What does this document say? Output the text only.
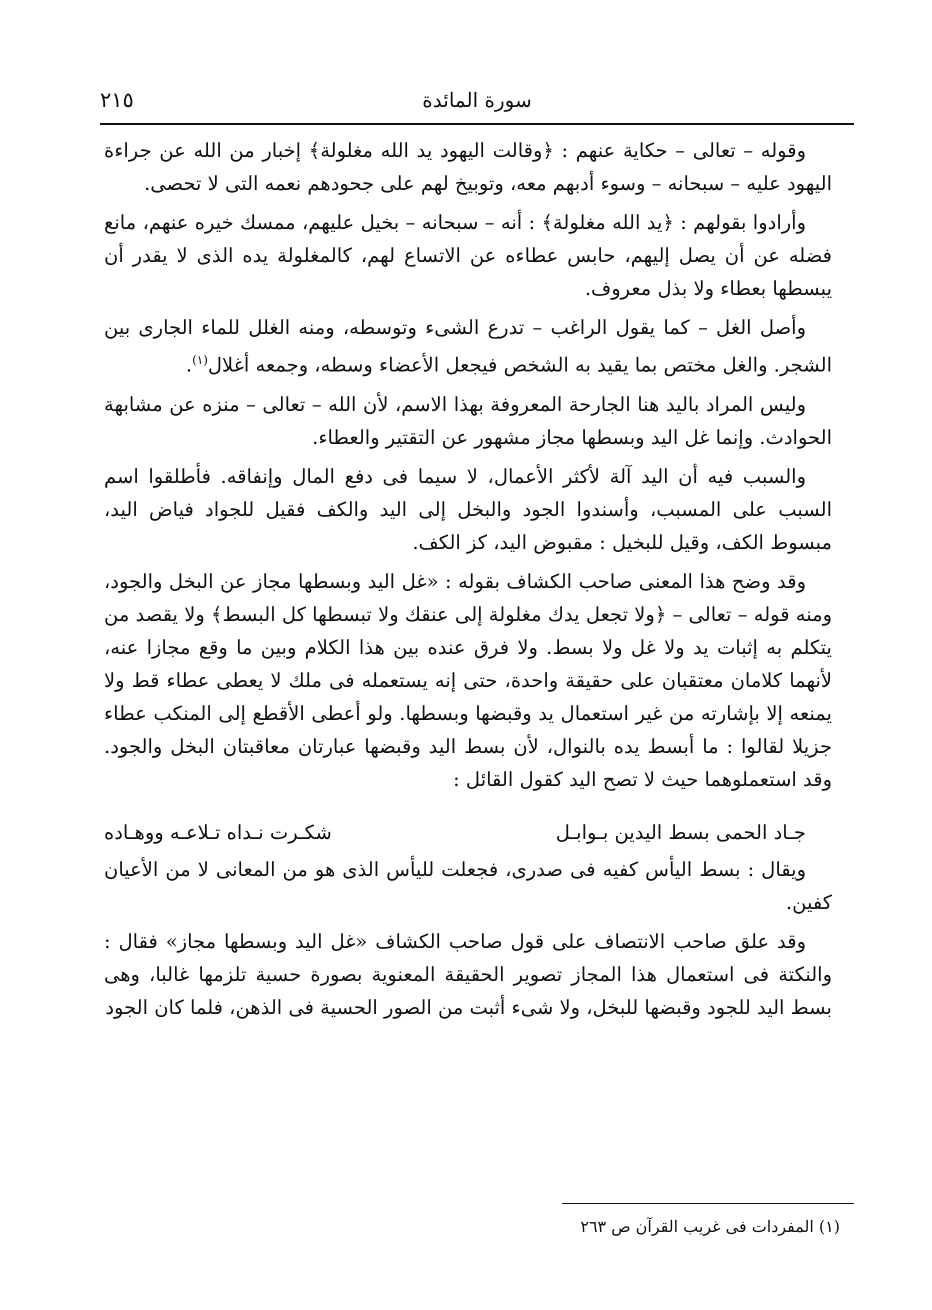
٢١٥	سورة المائدة

وقوله – تعالى – حكاية عنهم : ﴿وقالت اليهود يد الله مغلولة﴾ إخبار من الله عن جراءة اليهود عليه – سبحانه – وسوء أدبهم معه، وتوبيخ لهم على جحودهم نعمه التى لا تحصى.

وأرادوا بقولهم : ﴿يد الله مغلولة﴾ : أنه – سبحانه – بخيل عليهم، ممسك خيره عنهم، مانع فضله عن أن يصل إليهم، حابس عطاءه عن الاتساع لهم، كالمغلولة يده الذى لا يقدر أن يبسطها بعطاء ولا بذل معروف.

وأصل الغل – كما يقول الراغب – تدرع الشىء وتوسطه، ومنه الغلل للماء الجارى بين الشجر. والغل مختص بما يقيد به الشخص فيجعل الأعضاء وسطه، وجمعه أغلال$^{(١)}$.

وليس المراد باليد هنا الجارحة المعروفة بهذا الاسم، لأن الله – تعالى – منزه عن مشابهة الحوادث. وإنما غل اليد وبسطها مجاز مشهور عن التقتير والعطاء.

والسبب فيه أن اليد آلة لأكثر الأعمال، لا سيما فى دفع المال وإنفاقه. فأطلقوا اسم السبب على المسبب، وأسندوا الجود والبخل إلى اليد والكف فقيل للجواد فياض اليد، مبسوط الكف، وقيل للبخيل : مقبوض اليد، كز الكف.

وقد وضح هذا المعنى صاحب الكشاف بقوله : «غل اليد وبسطها مجاز عن البخل والجود، ومنه قوله – تعالى – ﴿ولا تجعل يدك مغلولة إلى عنقك ولا تبسطها كل البسط﴾ ولا يقصد من يتكلم به إثبات يد ولا غل ولا بسط. ولا فرق عنده بين هذا الكلام وبين ما وقع مجازا عنه، لأنهما كلامان معتقبان على حقيقة واحدة، حتى إنه يستعمله فى ملك لا يعطى عطاء قط ولا يمنعه إلا بإشارته من غير استعمال يد وقبضها وبسطها. ولو أعطى الأقطع إلى المنكب عطاء جزيلا لقالوا : ما أبسط يده بالنوال، لأن بسط اليد وقبضها عبارتان معاقبتان البخل والجود. وقد استعملوهما حيث لا تصح اليد كقول القائل :

جـاد الحمى بسط اليدين بـوابـل
شكـرت نـداه تـلاعـه ووهـاده

ويقال : بسط اليأس كفيه فى صدرى، فجعلت لليأس الذى هو من المعانى لا من الأعيان كفين.

وقد علق صاحب الانتصاف على قول صاحب الكشاف «غل اليد وبسطها مجاز» فقال : والنكتة فى استعمال هذا المجاز تصوير الحقيقة المعنوية بصورة حسية تلزمها غالبا، وهى بسط اليد للجود وقبضها للبخل، ولا شىء أثبت من الصور الحسية فى الذهن، فلما كان الجود

(١) المفردات فى غريب القرآن ص ٢٦٣
